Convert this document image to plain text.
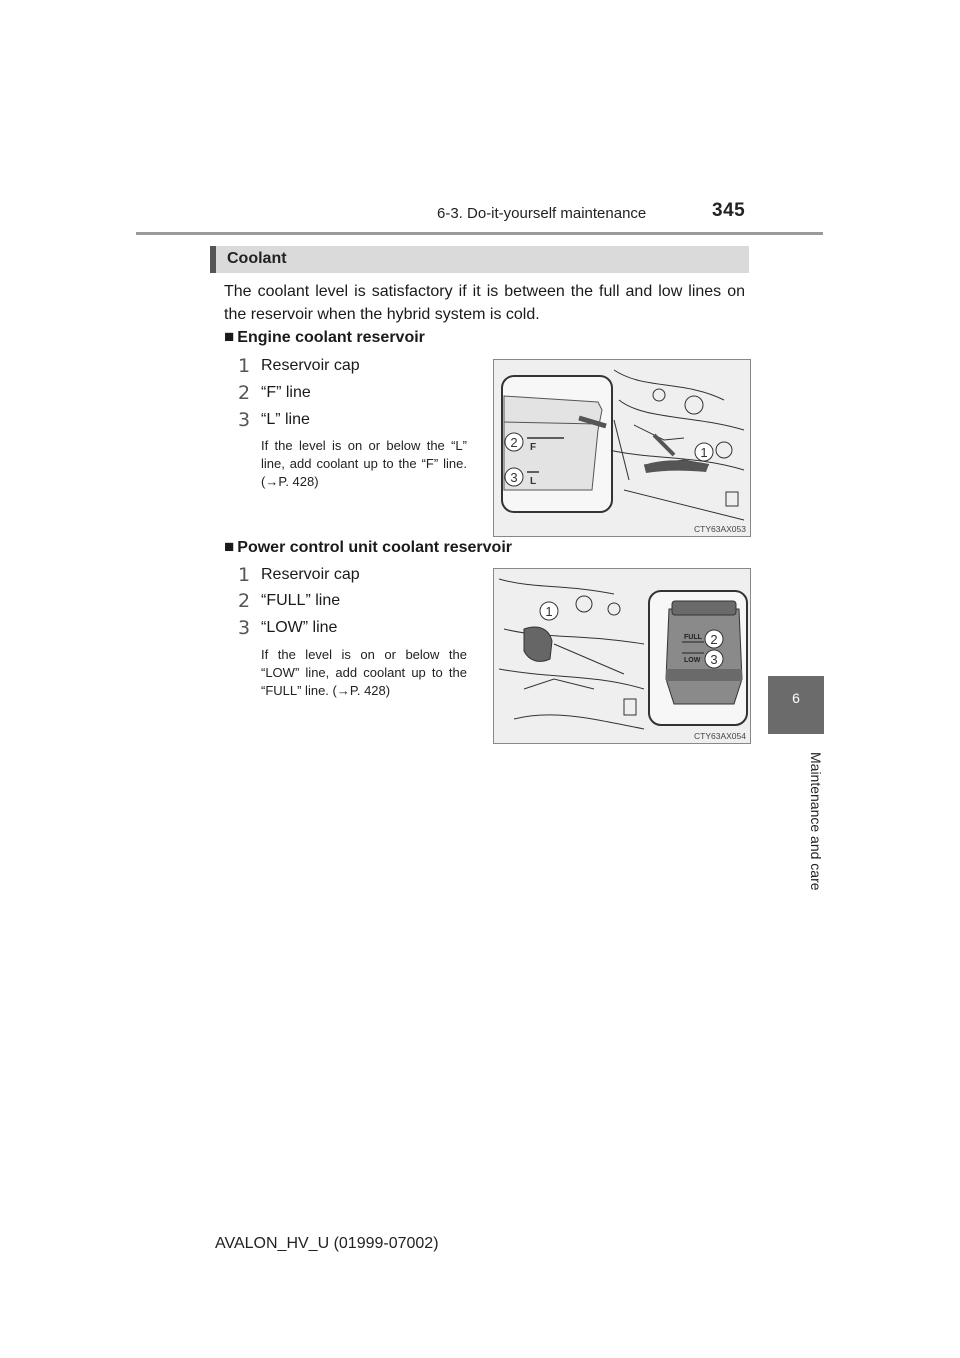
6-3. Do-it-yourself maintenance	345
6
Maintenance and care
Coolant
The coolant level is satisfactory if it is between the full and low lines on the reservoir when the hybrid system is cold.
■ Engine coolant reservoir
1 Reservoir cap
2 “F” line
3 “L” line
If the level is on or below the “L” line, add coolant up to the “F” line. (→P. 428)
1
F
L
2
3
CTY63AX053
■ Power control unit coolant reservoir
1 Reservoir cap
2 “FULL” line
3 “LOW” line
If the level is on or below the “LOW” line, add coolant up to the “FULL” line. (→P. 428)
1
FULL
LOW
2
3
CTY63AX054
AVALON_HV_U (01999-07002)
